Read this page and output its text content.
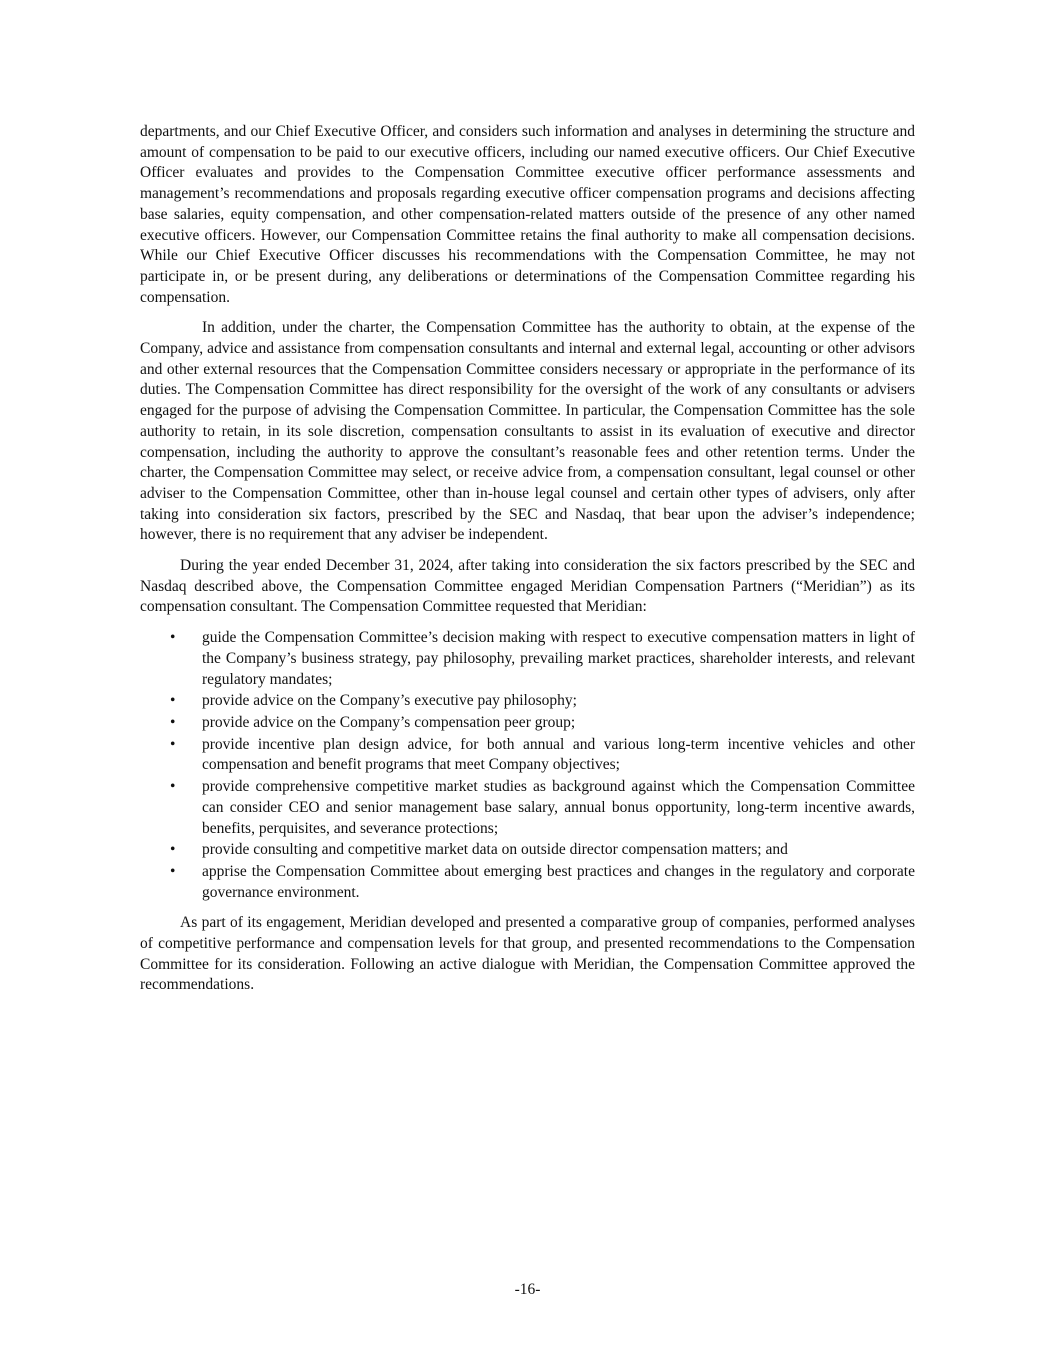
departments, and our Chief Executive Officer, and considers such information and analyses in determining the structure and amount of compensation to be paid to our executive officers, including our named executive officers. Our Chief Executive Officer evaluates and provides to the Compensation Committee executive officer performance assessments and management’s recommendations and proposals regarding executive officer compensation programs and decisions affecting base salaries, equity compensation, and other compensation-related matters outside of the presence of any other named executive officers. However, our Compensation Committee retains the final authority to make all compensation decisions. While our Chief Executive Officer discusses his recommendations with the Compensation Committee, he may not participate in, or be present during, any deliberations or determinations of the Compensation Committee regarding his compensation.

In addition, under the charter, the Compensation Committee has the authority to obtain, at the expense of the Company, advice and assistance from compensation consultants and internal and external legal, accounting or other advisors and other external resources that the Compensation Committee considers necessary or appropriate in the performance of its duties. The Compensation Committee has direct responsibility for the oversight of the work of any consultants or advisers engaged for the purpose of advising the Compensation Committee. In particular, the Compensation Committee has the sole authority to retain, in its sole discretion, compensation consultants to assist in its evaluation of executive and director compensation, including the authority to approve the consultant’s reasonable fees and other retention terms. Under the charter, the Compensation Committee may select, or receive advice from, a compensation consultant, legal counsel or other adviser to the Compensation Committee, other than in-house legal counsel and certain other types of advisers, only after taking into consideration six factors, prescribed by the SEC and Nasdaq, that bear upon the adviser’s independence; however, there is no requirement that any adviser be independent.

During the year ended December 31, 2024, after taking into consideration the six factors prescribed by the SEC and Nasdaq described above, the Compensation Committee engaged Meridian Compensation Partners (“Meridian”) as its compensation consultant. The Compensation Committee requested that Meridian:

• guide the Compensation Committee’s decision making with respect to executive compensation matters in light of the Company’s business strategy, pay philosophy, prevailing market practices, shareholder interests, and relevant regulatory mandates;
• provide advice on the Company’s executive pay philosophy;
• provide advice on the Company’s compensation peer group;
• provide incentive plan design advice, for both annual and various long-term incentive vehicles and other compensation and benefit programs that meet Company objectives;
• provide comprehensive competitive market studies as background against which the Compensation Committee can consider CEO and senior management base salary, annual bonus opportunity, long-term incentive awards, benefits, perquisites, and severance protections;
• provide consulting and competitive market data on outside director compensation matters; and
• apprise the Compensation Committee about emerging best practices and changes in the regulatory and corporate governance environment.

As part of its engagement, Meridian developed and presented a comparative group of companies, performed analyses of competitive performance and compensation levels for that group, and presented recommendations to the Compensation Committee for its consideration. Following an active dialogue with Meridian, the Compensation Committee approved the recommendations.

-16-
